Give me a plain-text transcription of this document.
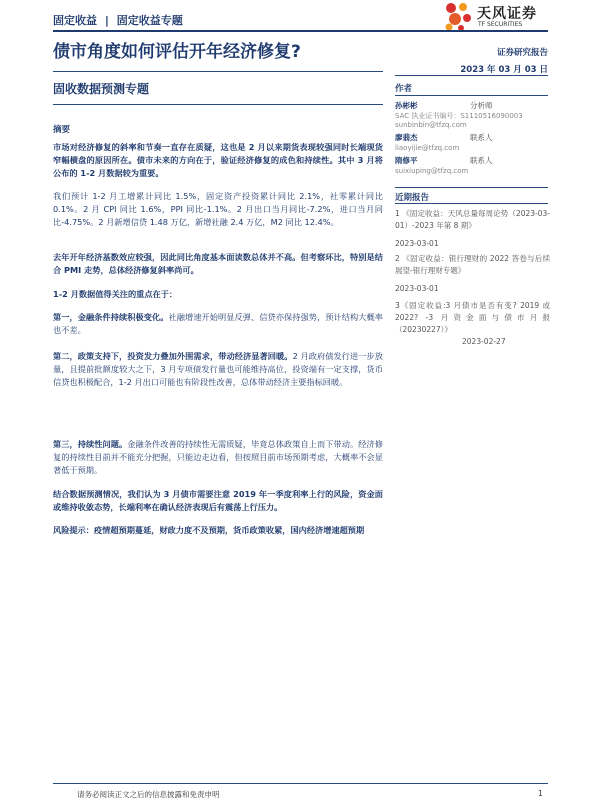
固定收益 | 固定收益专题	天风证券
TF SECURITIES
债市角度如何评估开年经济修复?	证券研究报告
2023 年 03 月 03 日
固收数据预测专题	作者
孙彬彬	分析师
SAC 执业证书编号：S1110516090003
sunbinbin@tfzq.com
廖翡杰	联系人
liaoyijie@tfzq.com
隋修平	联系人
suixiuping@tfzq.com
近期报告
1 《固定收益：天风总量每周论势（2023-03-01）-2023 年第 8 期》
2023-03-01
2 《固定收益：银行理财的 2022 答卷与后续展望-银行理财专题》
2023-03-01
3《固定收益:3 月债市是否有变? 2019 或 2022? -3 月资金面与债市月报（20230227）》
2023-02-27
摘要
市场对经济修复的斜率和节奏一直存在质疑，这也是 2 月以来期货表现较强同时长端现货窄幅横盘的原因所在。债市未来的方向在于，验证经济修复的成色和持续性。其中 3 月将公布的 1-2 月数据较为重要。
我们预计 1-2 月工增累计同比 1.5%，固定资产投资累计同比 2.1%，社零累计同比 0.1%。2 月 CPI 同比 1.6%，PPI 同比-1.1%。2 月出口当月同比-7.2%，进口当月同比-4.75%。2 月新增信贷 1.48 万亿，新增社融 2.4 万亿，M2 同比 12.4%。
去年开年经济基数效应较强，因此同比角度基本面读数总体并不高。但考察环比，特别是结合 PMI 走势，总体经济修复斜率尚可。
1-2 月数据值得关注的重点在于：
第一，金融条件持续积极变化。社融增速开始明显反弹、信贷亦保持强势，预计结构大概率也不差。
第二，政策支持下，投资发力叠加外围需求，带动经济显著回暖。2 月政府债发行进一步放量，且提前批额度较大之下，3 月专项债发行量也可能维持高位，投资端有一定支撑，货币信贷也积极配合，1-2 月出口可能也有阶段性改善，总体带动经济主要指标回暖。
第三，持续性问题。金融条件改善的持续性无需质疑，毕竟总体政策自上而下带动。经济修复的持续性目前并不能充分把握，只能边走边看，但按照目前市场预期考虑，大概率不会显著低于预期。
结合数据预测情况，我们认为 3 月债市需要注意 2019 年一季度利率上行的风险，资金面或维持收敛态势，长端利率在确认经济表现后有震荡上行压力。
风险提示：疫情超预期蔓延，财政力度不及预期，货币政策收紧，国内经济增速超预期
请务必阅读正文之后的信息披露和免责申明	1
